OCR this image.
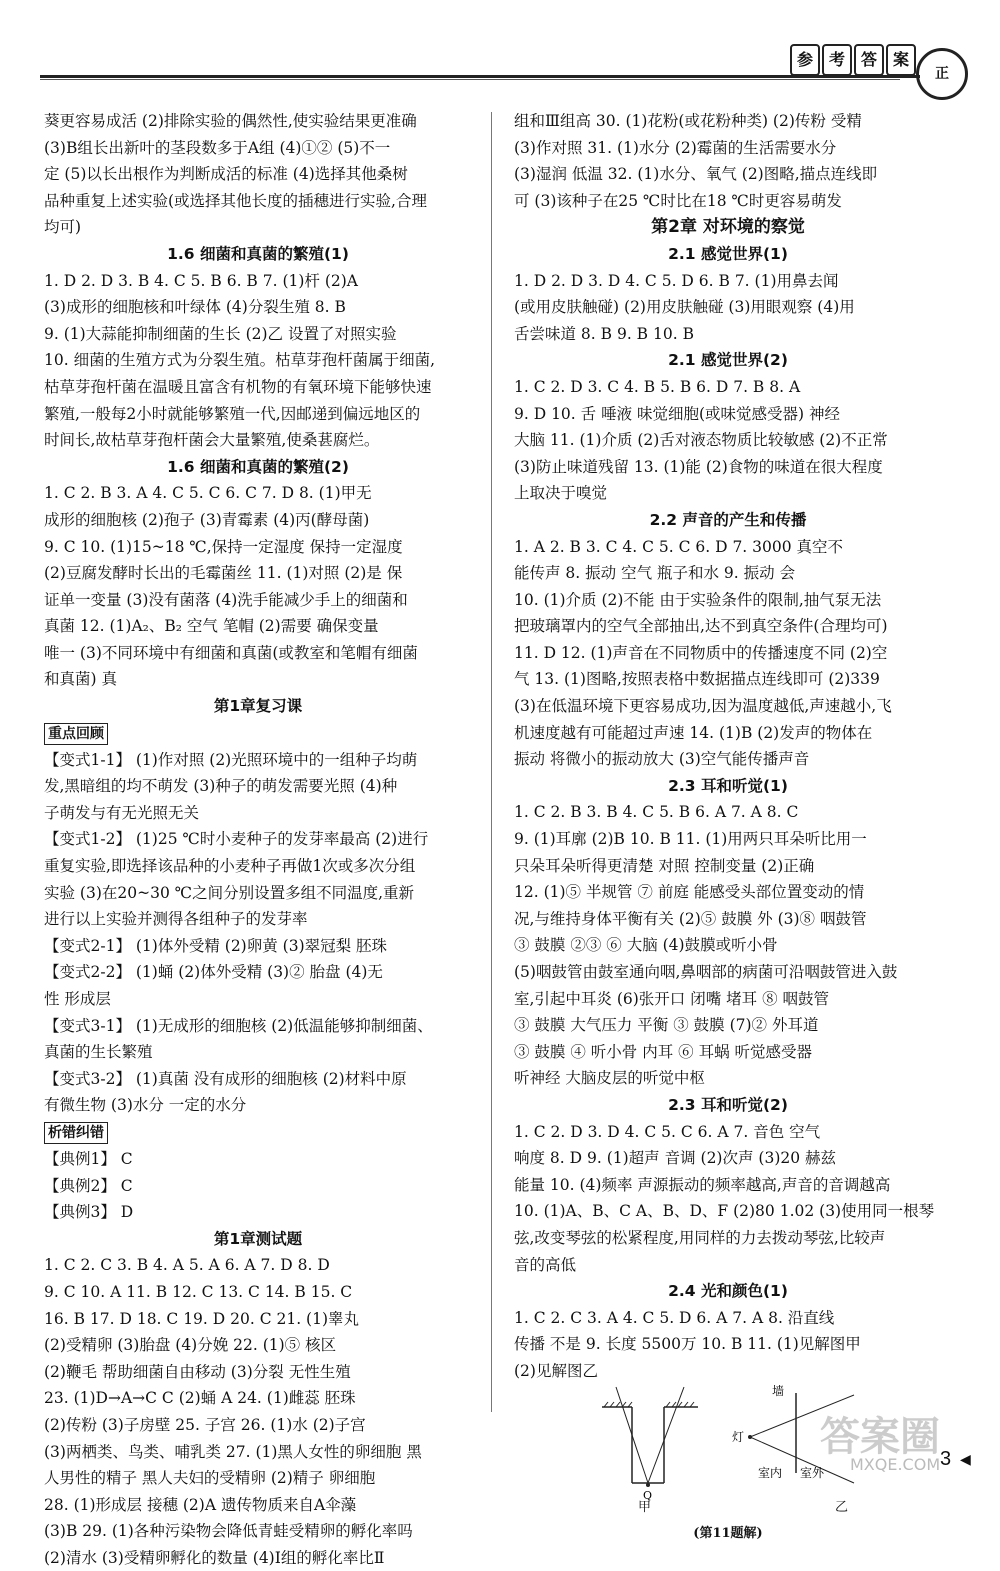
参 考 答 案
正
葵更容易成活 (2)排除实验的偶然性,使实验结果更准确
(3)B组长出新叶的茎段数多于A组 (4)①② (5)不一
定 (5)以长出根作为判断成活的标准 (4)选择其他桑树
品种重复上述实验(或选择其他长度的插穗进行实验,合理
均可)
1.6 细菌和真菌的繁殖(1)
1. D 2. D 3. B 4. C 5. B 6. B 7. (1)杆 (2)A
(3)成形的细胞核和叶绿体 (4)分裂生殖 8. B
9. (1)大蒜能抑制细菌的生长 (2)乙 设置了对照实验
10. 细菌的生殖方式为分裂生殖。枯草芽孢杆菌属于细菌,
枯草芽孢杆菌在温暖且富含有机物的有氧环境下能够快速
繁殖,一般每2小时就能够繁殖一代,因邮递到偏远地区的
时间长,故枯草芽孢杆菌会大量繁殖,使桑葚腐烂。
1.6 细菌和真菌的繁殖(2)
1. C 2. B 3. A 4. C 5. C 6. C 7. D 8. (1)甲无
成形的细胞核 (2)孢子 (3)青霉素 (4)丙(酵母菌)
9. C 10. (1)15~18 ℃,保持一定湿度 保持一定湿度
(2)豆腐发酵时长出的毛霉菌丝 11. (1)对照 (2)是 保
证单一变量 (3)没有菌落 (4)洗手能减少手上的细菌和
真菌 12. (1)A₂、B₂ 空气 笔帽 (2)需要 确保变量
唯一 (3)不同环境中有细菌和真菌(或教室和笔帽有细菌
和真菌) 真
第1章复习课
重点回顾
【变式1-1】 (1)作对照 (2)光照环境中的一组种子均萌
发,黑暗组的均不萌发 (3)种子的萌发需要光照 (4)种
子萌发与有无光照无关
【变式1-2】 (1)25 ℃时小麦种子的发芽率最高 (2)进行
重复实验,即选择该品种的小麦种子再做1次或多次分组
实验 (3)在20~30 ℃之间分别设置多组不同温度,重新
进行以上实验并测得各组种子的发芽率
【变式2-1】 (1)体外受精 (2)卵黄 (3)翠冠梨 胚珠
【变式2-2】 (1)蛹 (2)体外受精 (3)② 胎盘 (4)无
性 形成层
【变式3-1】 (1)无成形的细胞核 (2)低温能够抑制细菌、
真菌的生长繁殖
【变式3-2】 (1)真菌 没有成形的细胞核 (2)材料中原
有微生物 (3)水分 一定的水分
析错纠错
【典例1】 C
【典例2】 C
【典例3】 D
第1章测试题
1. C 2. C 3. B 4. A 5. A 6. A 7. D 8. D
9. C 10. A 11. B 12. C 13. C 14. B 15. C
16. B 17. D 18. C 19. D 20. C 21. (1)睾丸
(2)受精卵 (3)胎盘 (4)分娩 22. (1)⑤ 核区
(2)鞭毛 帮助细菌自由移动 (3)分裂 无性生殖
23. (1)D→A→C C (2)蛹 A 24. (1)雌蕊 胚珠
(2)传粉 (3)子房壁 25. 子宫 26. (1)水 (2)子宫
(3)两栖类、鸟类、哺乳类 27. (1)黑人女性的卵细胞 黑
人男性的精子 黑人夫妇的受精卵 (2)精子 卵细胞
28. (1)形成层 接穗 (2)A 遗传物质来自A伞藻
(3)B 29. (1)各种污染物会降低青蛙受精卵的孵化率吗
(2)清水 (3)受精卵孵化的数量 (4)Ⅰ组的孵化率比Ⅱ
组和Ⅲ组高 30. (1)花粉(或花粉种类) (2)传粉 受精
(3)作对照 31. (1)水分 (2)霉菌的生活需要水分
(3)湿润 低温 32. (1)水分、氧气 (2)图略,描点连线即
可 (3)该种子在25 ℃时比在18 ℃时更容易萌发
第2章 对环境的察觉
2.1 感觉世界(1)
1. D 2. D 3. D 4. C 5. D 6. B 7. (1)用鼻去闻
(或用皮肤触碰) (2)用皮肤触碰 (3)用眼观察 (4)用
舌尝味道 8. B 9. B 10. B
2.1 感觉世界(2)
1. C 2. D 3. C 4. B 5. B 6. D 7. B 8. A
9. D 10. 舌 唾液 味觉细胞(或味觉感受器) 神经
大脑 11. (1)介质 (2)舌对液态物质比较敏感 (2)不正常
(3)防止味道残留 13. (1)能 (2)食物的味道在很大程度
上取决于嗅觉
2.2 声音的产生和传播
1. A 2. B 3. C 4. C 5. C 6. D 7. 3000 真空不
能传声 8. 振动 空气 瓶子和水 9. 振动 会
10. (1)介质 (2)不能 由于实验条件的限制,抽气泵无法
把玻璃罩内的空气全部抽出,达不到真空条件(合理均可)
11. D 12. (1)声音在不同物质中的传播速度不同 (2)空
气 13. (1)图略,按照表格中数据描点连线即可 (2)339
(3)在低温环境下更容易成功,因为温度越低,声速越小,飞
机速度越有可能超过声速 14. (1)B (2)发声的物体在
振动 将微小的振动放大 (3)空气能传播声音
2.3 耳和听觉(1)
1. C 2. B 3. B 4. C 5. B 6. A 7. A 8. C
9. (1)耳廓 (2)B 10. B 11. (1)用两只耳朵听比用一
只朵耳朵听得更清楚 对照 控制变量 (2)正确
12. (1)⑤ 半规管 ⑦ 前庭 能感受头部位置变动的情
况,与维持身体平衡有关 (2)⑤ 鼓膜 外 (3)⑧ 咽鼓管
③ 鼓膜 ②③ ⑥ 大脑 (4)鼓膜或听小骨
(5)咽鼓管由鼓室通向咽,鼻咽部的病菌可沿咽鼓管进入鼓
室,引起中耳炎 (6)张开口 闭嘴 堵耳 ⑧ 咽鼓管
③ 鼓膜 大气压力 平衡 ③ 鼓膜 (7)② 外耳道
③ 鼓膜 ④ 听小骨 内耳 ⑥ 耳蜗 听觉感受器
听神经 大脑皮层的听觉中枢
2.3 耳和听觉(2)
1. C 2. D 3. D 4. C 5. C 6. A 7. 音色 空气
响度 8. D 9. (1)超声 音调 (2)次声 (3)20 赫兹
能量 10. (4)频率 声源振动的频率越高,声音的音调越高
10. (1)A、B、C A、B、D、F (2)80 1.02 (3)使用同一根琴
弦,改变琴弦的松紧程度,用同样的力去拨动琴弦,比较声
音的高低
2.4 光和颜色(1)
1. C 2. C 3. A 4. C 5. D 6. A 7. A 8. 沿直线
传播 不是 9. 长度 5500万 10. B 11. (1)见解图甲
(2)见解图乙
Q
墙
灯
室内 室外
甲	乙
(第11题解)
答案圈
MXQE.COM 3 ◀
